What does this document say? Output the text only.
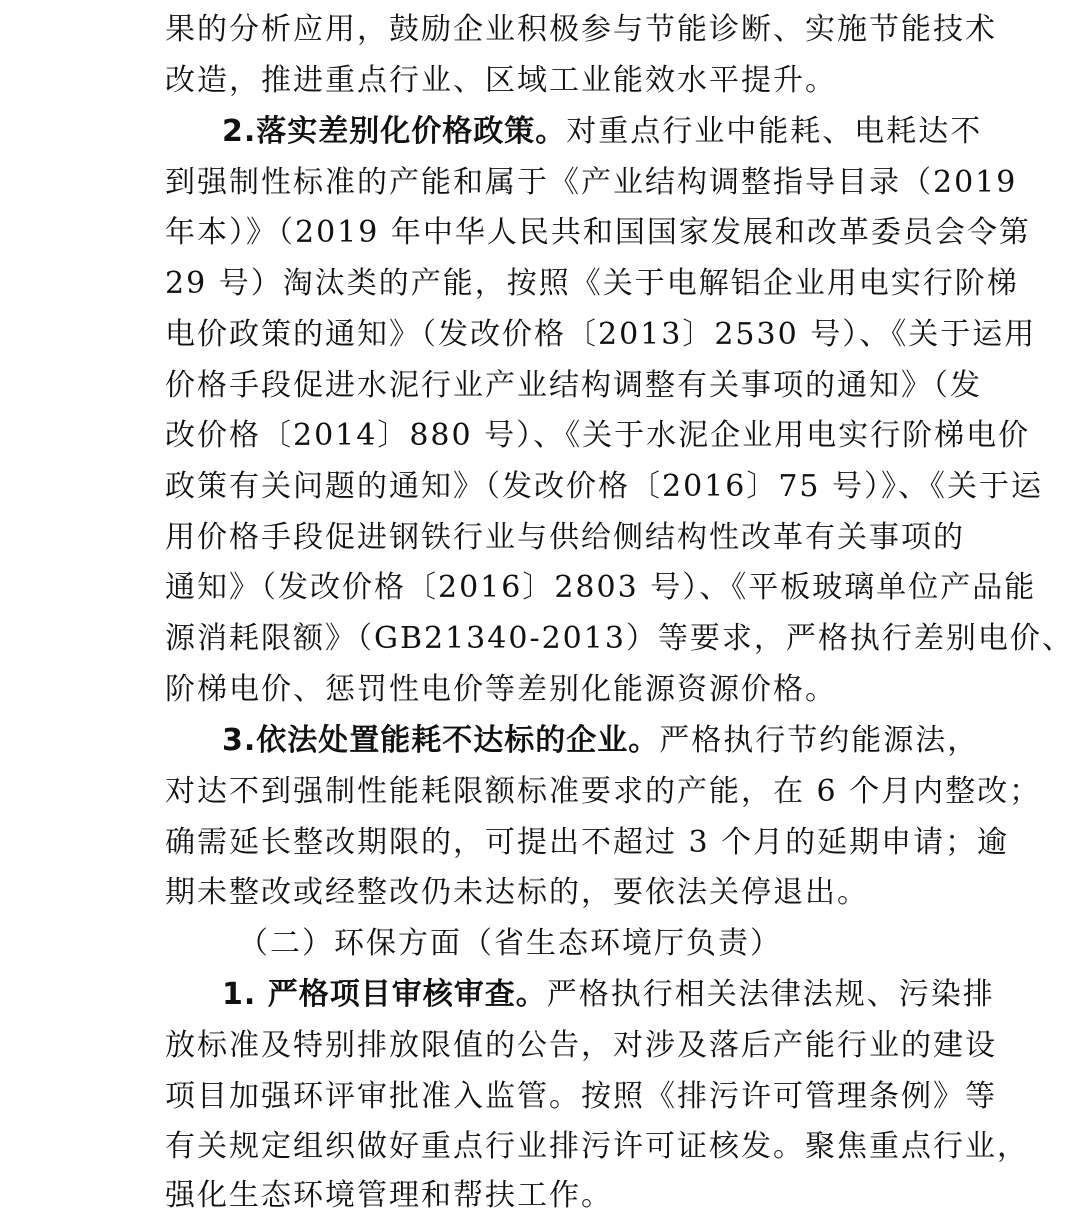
果的分析应用，鼓励企业积极参与节能诊断、实施节能技术
改造，推进重点行业、区域工业能效水平提升。
2.落实差别化价格政策。对重点行业中能耗、电耗达不
到强制性标准的产能和属于《产业结构调整指导目录（2019
年本）》（2019 年中华人民共和国国家发展和改革委员会令第
29 号）淘汰类的产能，按照《关于电解铝企业用电实行阶梯
电价政策的通知》（发改价格〔2013〕2530 号）、《关于运用
价格手段促进水泥行业产业结构调整有关事项的通知》（发
改价格〔2014〕880 号）、《关于水泥企业用电实行阶梯电价
政策有关问题的通知》（发改价格〔2016〕75 号）》、《关于运
用价格手段促进钢铁行业与供给侧结构性改革有关事项的
通知》（发改价格〔2016〕2803 号）、《平板玻璃单位产品能
源消耗限额》（GB21340-2013）等要求，严格执行差别电价、
阶梯电价、惩罚性电价等差别化能源资源价格。
3.依法处置能耗不达标的企业。严格执行节约能源法，
对达不到强制性能耗限额标准要求的产能，在 6 个月内整改；
确需延长整改期限的，可提出不超过 3 个月的延期申请；逾
期未整改或经整改仍未达标的，要依法关停退出。
（二）环保方面（省生态环境厅负责）
1. 严格项目审核审查。严格执行相关法律法规、污染排
放标准及特别排放限值的公告，对涉及落后产能行业的建设
项目加强环评审批准入监管。按照《排污许可管理条例》等
有关规定组织做好重点行业排污许可证核发。聚焦重点行业，
强化生态环境管理和帮扶工作。
